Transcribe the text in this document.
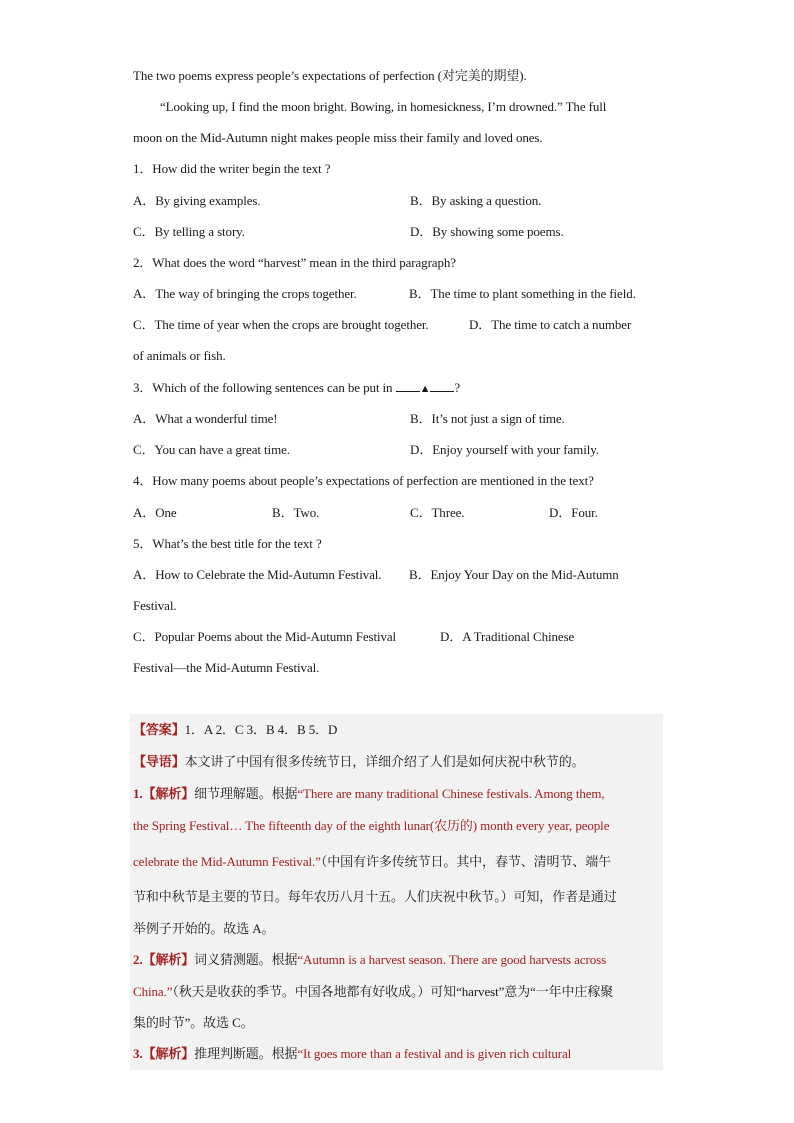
The two poems express people’s expectations of perfection (对完美的期望).
“Looking up, I find the moon bright. Bowing, in homesickness, I’m drowned.” The full
moon on the Mid-Autumn night makes people miss their family and loved ones.
1．How did the writer begin the text ?
A．By giving examples.	B．By asking a question.
C．By telling a story.	D．By showing some poems.
2．What does the word “harvest” mean in the third paragraph?
A．The way of bringing the crops together.	B．The time to plant something in the field.
C．The time of year when the crops are brought together.	D．The time to catch a number
of animals or fish.
3．Which of the following sentences can be put in ▲ ?
A．What a wonderful time!	B．It’s not just a sign of time.
C．You can have a great time.	D．Enjoy yourself with your family.
4．How many poems about people’s expectations of perfection are mentioned in the text?
A．One	B．Two.	C．Three.	D．Four.
5．What’s the best title for the text ?
A．How to Celebrate the Mid-Autumn Festival. B．Enjoy Your Day on the Mid-Autumn
Festival.
C．Popular Poems about the Mid-Autumn Festival	D．A Traditional Chinese
Festival—the Mid-Autumn Festival.
【答案】1．A 2．C 3．B 4．B 5．D
【导语】本文讲了中国有很多传统节日，详细介绍了人们是如何庆祝中秋节的。
1.【解析】细节理解题。根据“There are many traditional Chinese festivals. Among them,
the Spring Festival… The fifteenth day of the eighth lunar(农历的) month every year, people
celebrate the Mid-Autumn Festival.”（中国有许多传统节日。其中，春节、清明节、端午
节和中秋节是主要的节日。每年农历八月十五。人们庆祝中秋节。）可知，作者是通过
举例子开始的。故选 A。
2.【解析】词义猜测题。根据“Autumn is a harvest season. There are good harvests across
China.”（秋天是收获的季节。中国各地都有好收成。）可知“harvest”意为“一年中庄稼聚
集的时节”。故选 C。
3.【解析】推理判断题。根据“It goes more than a festival and is given rich cultural
